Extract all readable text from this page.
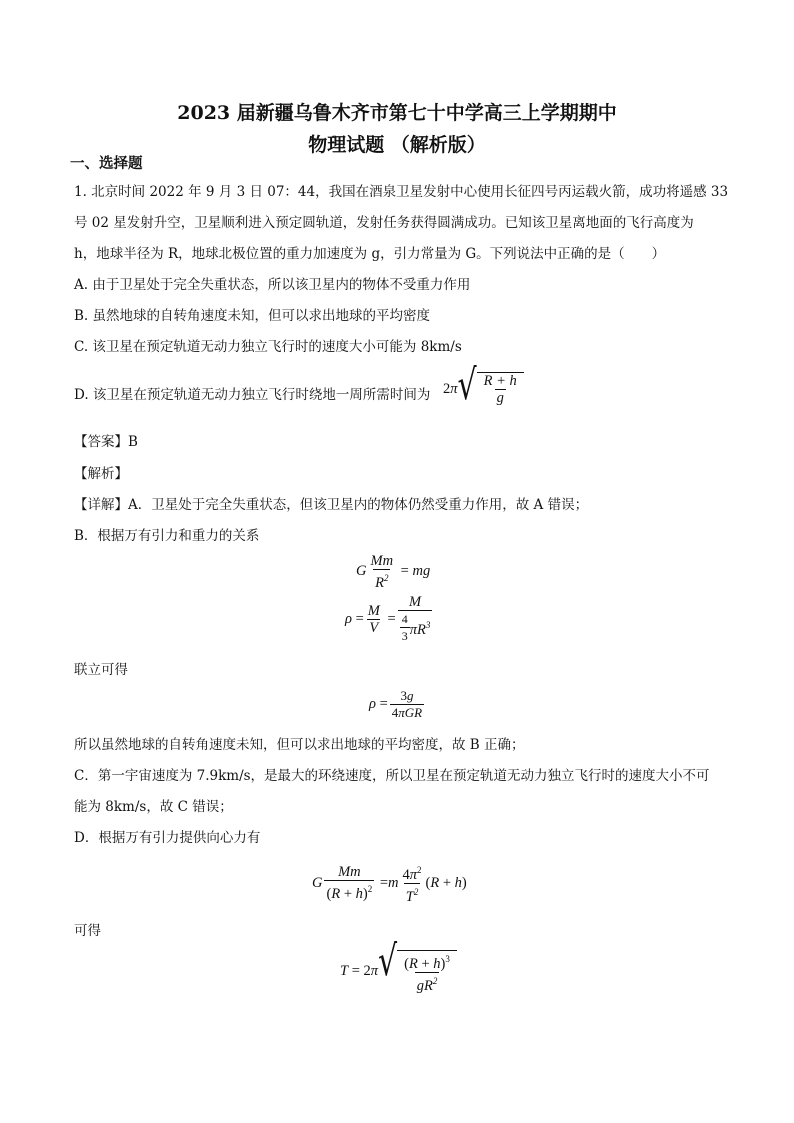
2023 届新疆乌鲁木齐市第七十中学高三上学期期中
物理试题 （解析版）
一、选择题
1. 北京时间 2022 年 9 月 3 日 07：44，我国在酒泉卫星发射中心使用长征四号丙运载火箭，成功将遥感 33
号 02 星发射升空，卫星顺利进入预定圆轨道，发射任务获得圆满成功。已知该卫星离地面的飞行高度为
h，地球半径为 R，地球北极位置的重力加速度为 g，引力常量为 G。下列说法中正确的是（　　）
A. 由于卫星处于完全失重状态，所以该卫星内的物体不受重力作用
B. 虽然地球的自转角速度未知，但可以求出地球的平均密度
C. 该卫星在预定轨道无动力独立飞行时的速度大小可能为 8km/s
D. 该卫星在预定轨道无动力独立飞行时绕地一周所需时间为 2 π √ $\frac{R + h}{g}$
【答案】B
【解析】
【详解】A．卫星处于完全失重状态，但该卫星内的物体仍然受重力作用，故 A 错误；
B．根据万有引力和重力的关系
G $\frac{Mm}{R^2}$ = mg
$\rho = \frac{M}{V} = \frac{M}{\frac{4}{3} \pi R^3}$
联立可得
$\rho = \frac{3g}{\text{4πGR}}$
所以虽然地球的自转角速度未知，但可以求出地球的平均密度，故 B 正确；
C．第一宇宙速度为 7.9km/s，是最大的环绕速度，所以卫星在预定轨道无动力独立飞行时的速度大小不可
能为 8km/s，故 C 错误；
D．根据万有引力提供向心力有
G $\frac{Mm}{(R + h)^2} = m \frac{4\pi^2}{T^2} (R + h)$
可得
T = 2 π √ $\frac{(R + h)^3}{gR^2}$
